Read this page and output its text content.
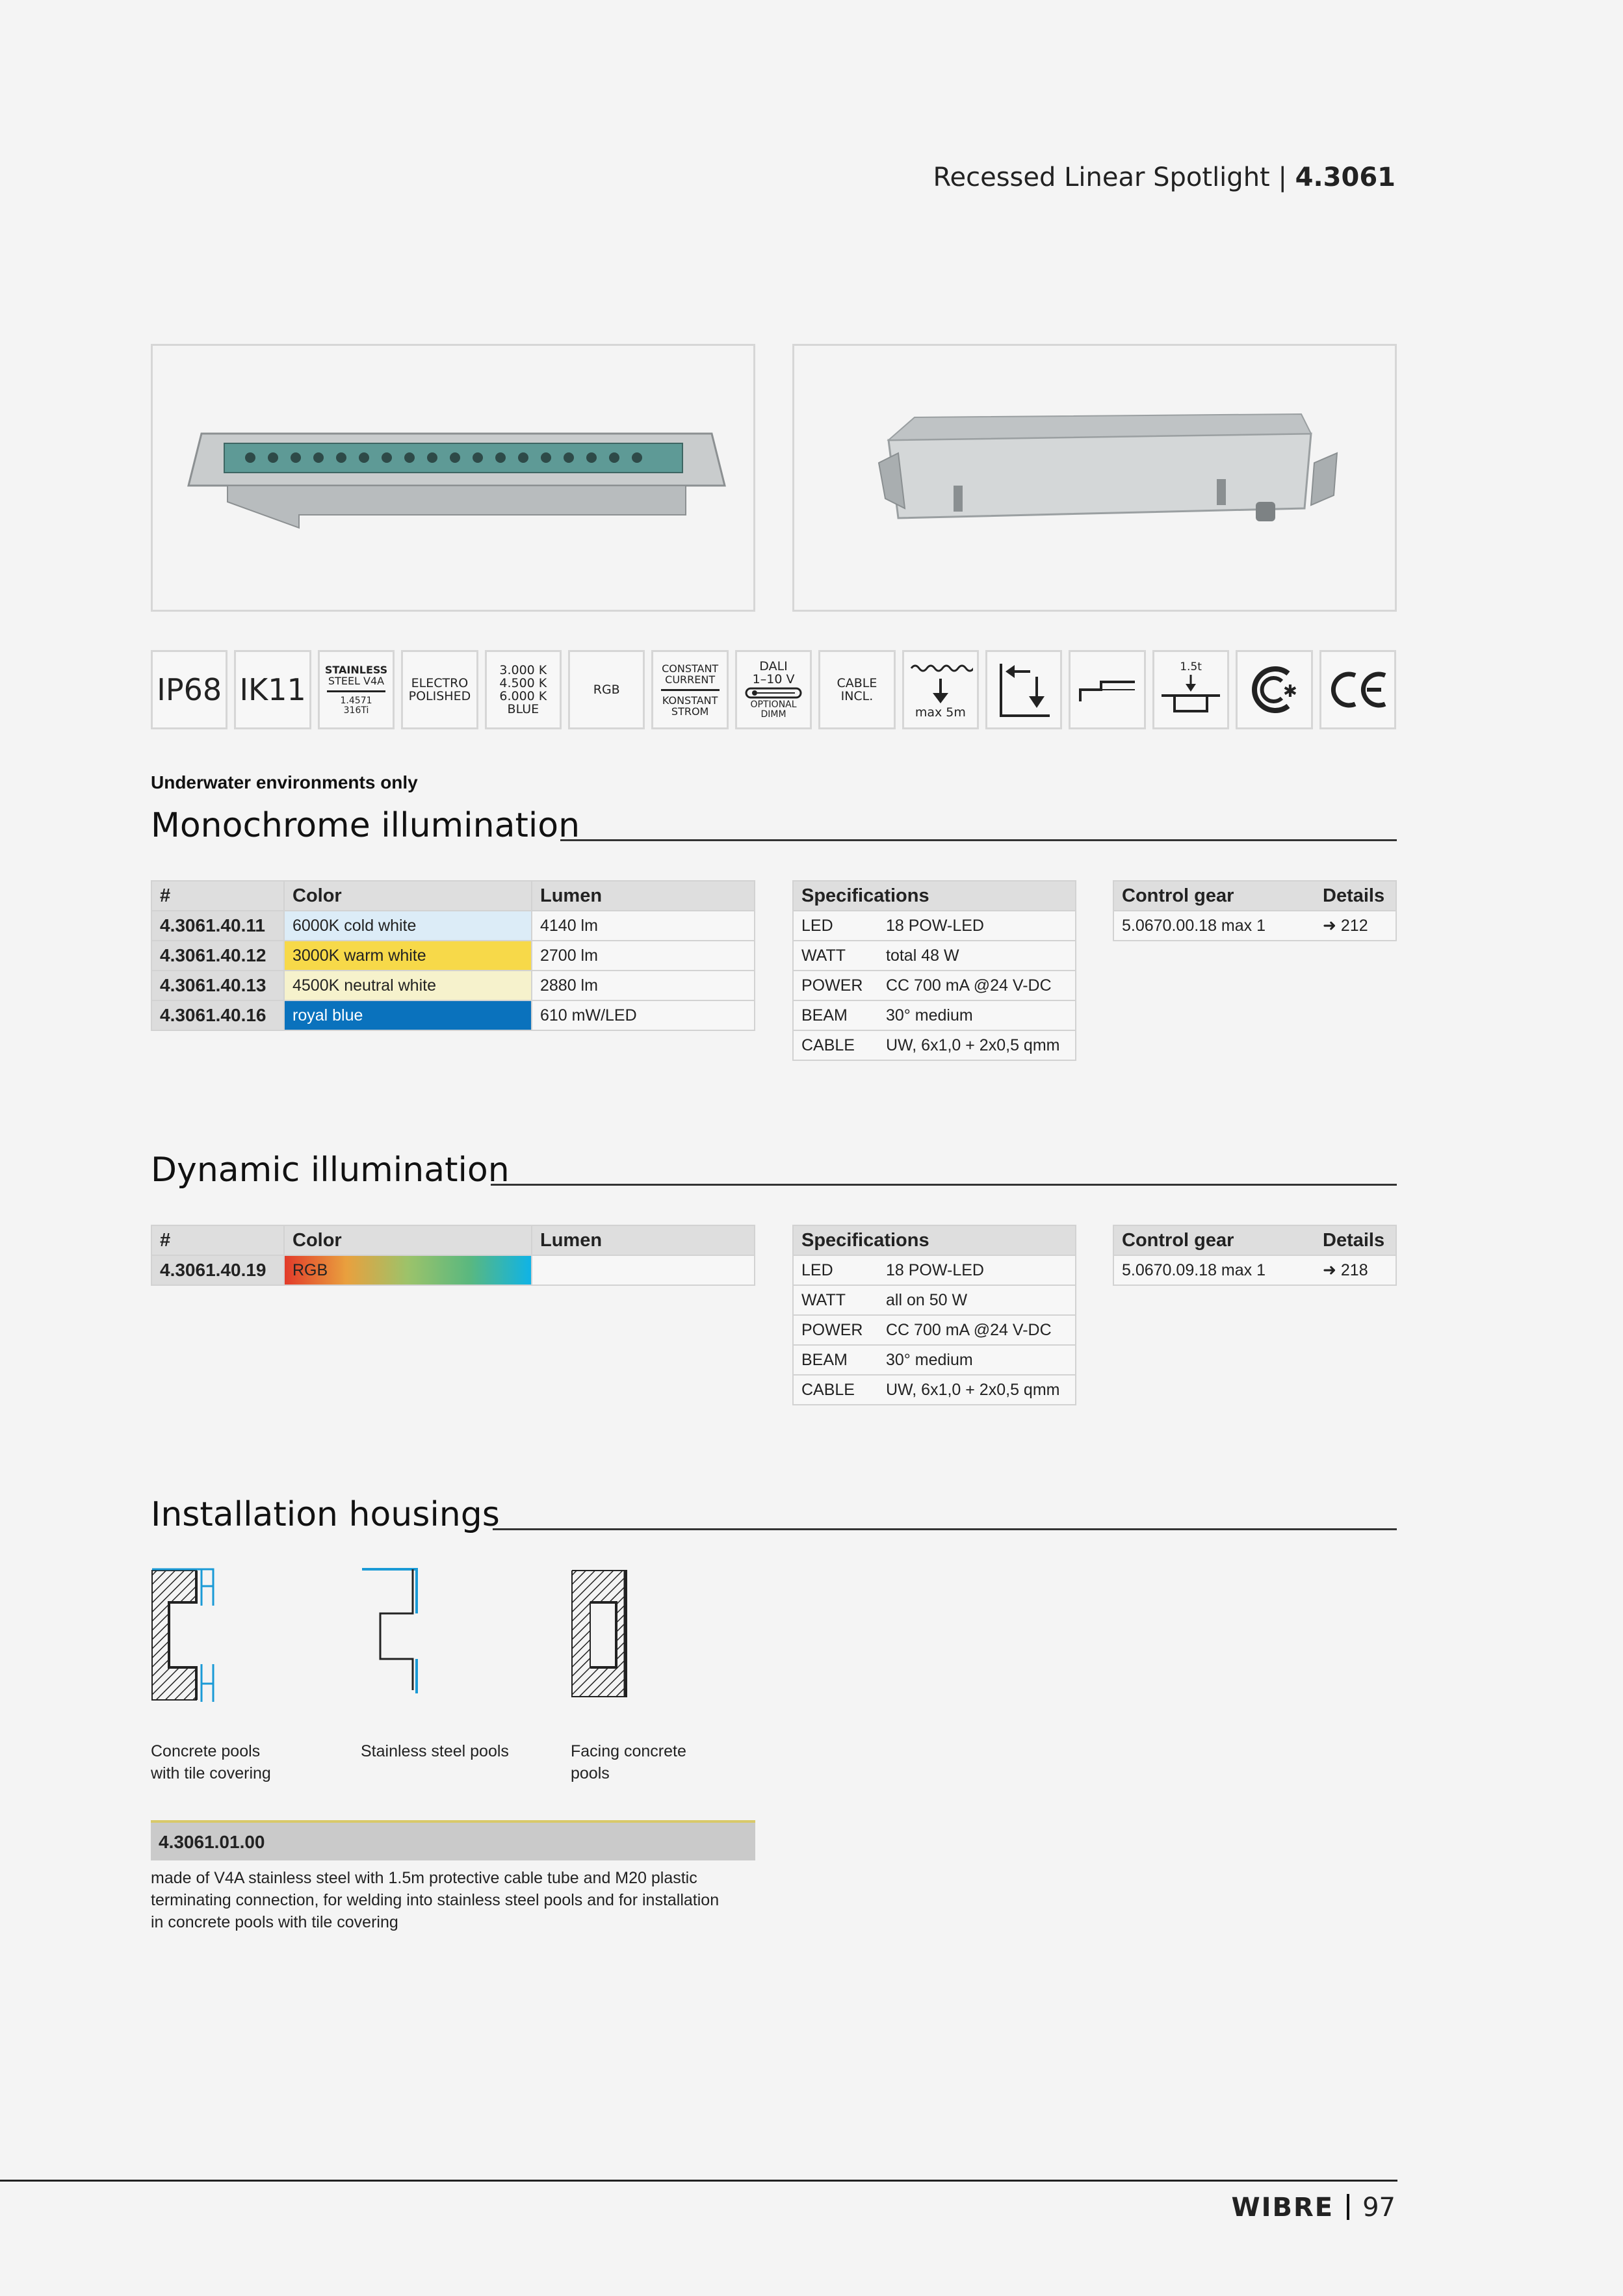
Recessed Linear Spotlight | 4.3061
IP68 IK11
STAINLESS
STEEL V4A
1.4571
316Ti
ELECTRO
POLISHED
3.000 K
4.500 K
6.000 K
BLUE
RGB
CONSTANT
CURRENT
KONSTANT
STROM
DALI
1–10 V
OPTIONAL
DIMM
CABLE
INCL.
max 5m
1.5t
✱
Underwater environments only
Monochrome illumination
#	Color	Lumen
4.3061.40.11	6000K cold white	4140 lm
4.3061.40.12	3000K warm white	2700 lm
4.3061.40.13	4500K neutral white	2880 lm
4.3061.40.16	royal blue	610 mW/LED
Specifications	
LED	18 POW-LED
WATT	total 48 W
POWER	CC 700 mA @24 V-DC
BEAM	30° medium
CABLE	UW, 6x1,0 + 2x0,5 qmm
Control gear	Details
5.0670.00.18 max 1	➜ 212
Dynamic illumination
#	Color	Lumen
4.3061.40.19	RGB	
Specifications	
LED	18 POW-LED
WATT	all on 50 W
POWER	CC 700 mA @24 V-DC
BEAM	30° medium
CABLE	UW, 6x1,0 + 2x0,5 qmm
Control gear	Details
5.0670.09.18 max 1	➜ 218
Installation housings
Concrete pools
with tile covering
Stainless steel pools	Facing concrete
pools
4.3061.01.00
made of V4A stainless steel with 1.5m protective cable tube and M20 plastic
terminating connection, for welding into stainless steel pools and for installation
in concrete pools with tile covering
WIBRE 97
